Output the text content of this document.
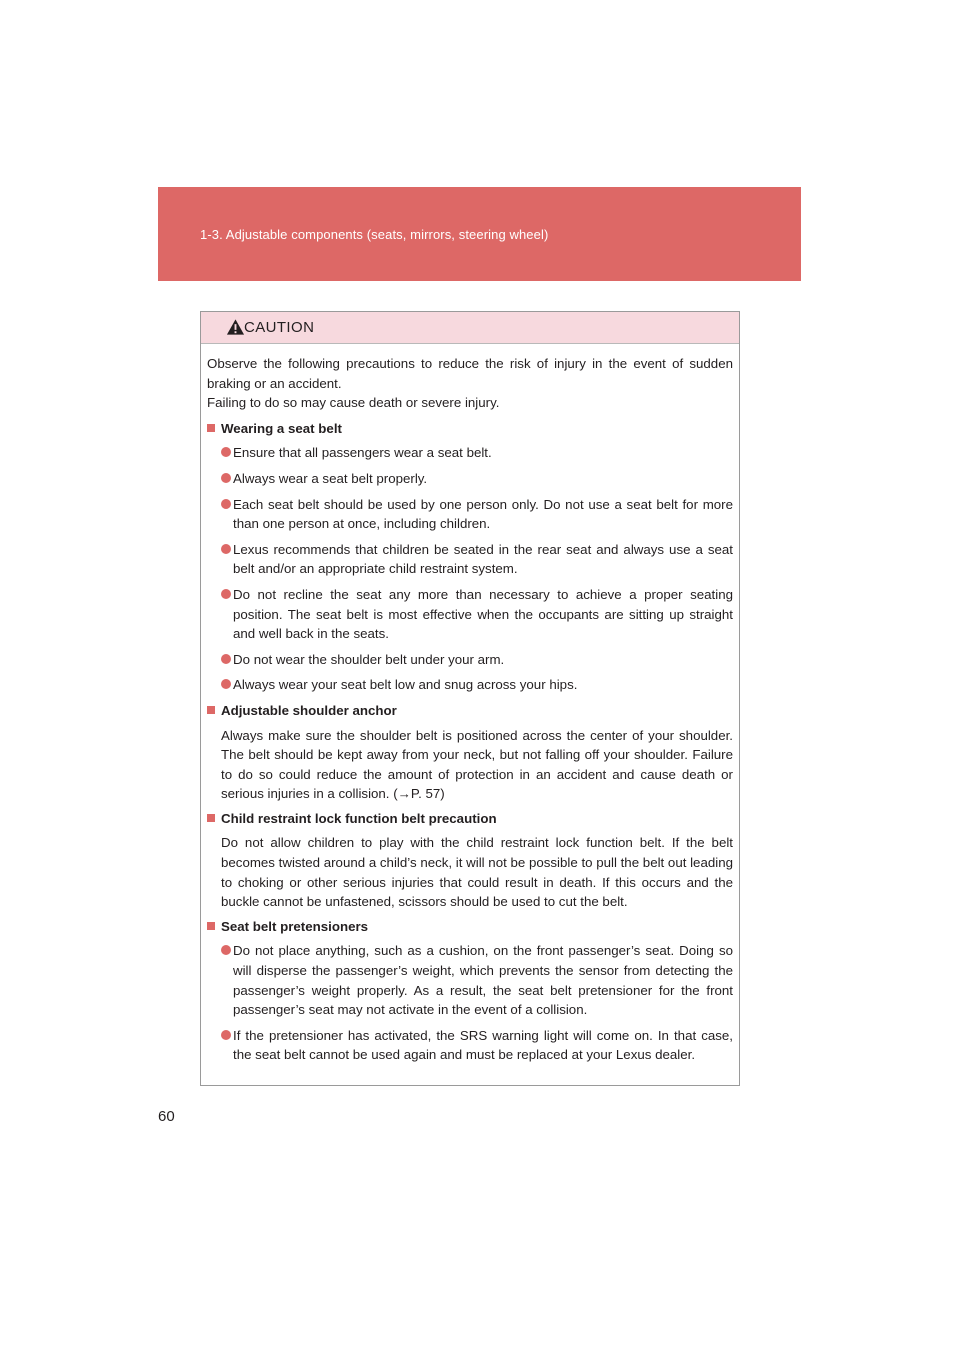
1-3. Adjustable components (seats, mirrors, steering wheel)
CAUTION

Observe the following precautions to reduce the risk of injury in the event of sudden braking or an accident.

Failing to do so may cause death or severe injury.

Wearing a seat belt
Ensure that all passengers wear a seat belt.
Always wear a seat belt properly.
Each seat belt should be used by one person only. Do not use a seat belt for more than one person at once, including children.
Lexus recommends that children be seated in the rear seat and always use a seat belt and/or an appropriate child restraint system.
Do not recline the seat any more than necessary to achieve a proper seating position. The seat belt is most effective when the occupants are sitting up straight and well back in the seats.
Do not wear the shoulder belt under your arm.
Always wear your seat belt low and snug across your hips.
Adjustable shoulder anchor

Always make sure the shoulder belt is positioned across the center of your shoulder. The belt should be kept away from your neck, but not falling off your shoulder. Failure to do so could reduce the amount of protection in an accident and cause death or serious injuries in a collision. (→P. 57)

Child restraint lock function belt precaution

Do not allow children to play with the child restraint lock function belt. If the belt becomes twisted around a child’s neck, it will not be possible to pull the belt out leading to choking or other serious injuries that could result in death. If this occurs and the buckle cannot be unfastened, scissors should be used to cut the belt.

Seat belt pretensioners
Do not place anything, such as a cushion, on the front passenger’s seat. Doing so will disperse the passenger’s weight, which prevents the sensor from detecting the passenger’s weight properly. As a result, the seat belt pretensioner for the front passenger’s seat may not activate in the event of a collision.
If the pretensioner has activated, the SRS warning light will come on. In that case, the seat belt cannot be used again and must be replaced at your Lexus dealer.
60
